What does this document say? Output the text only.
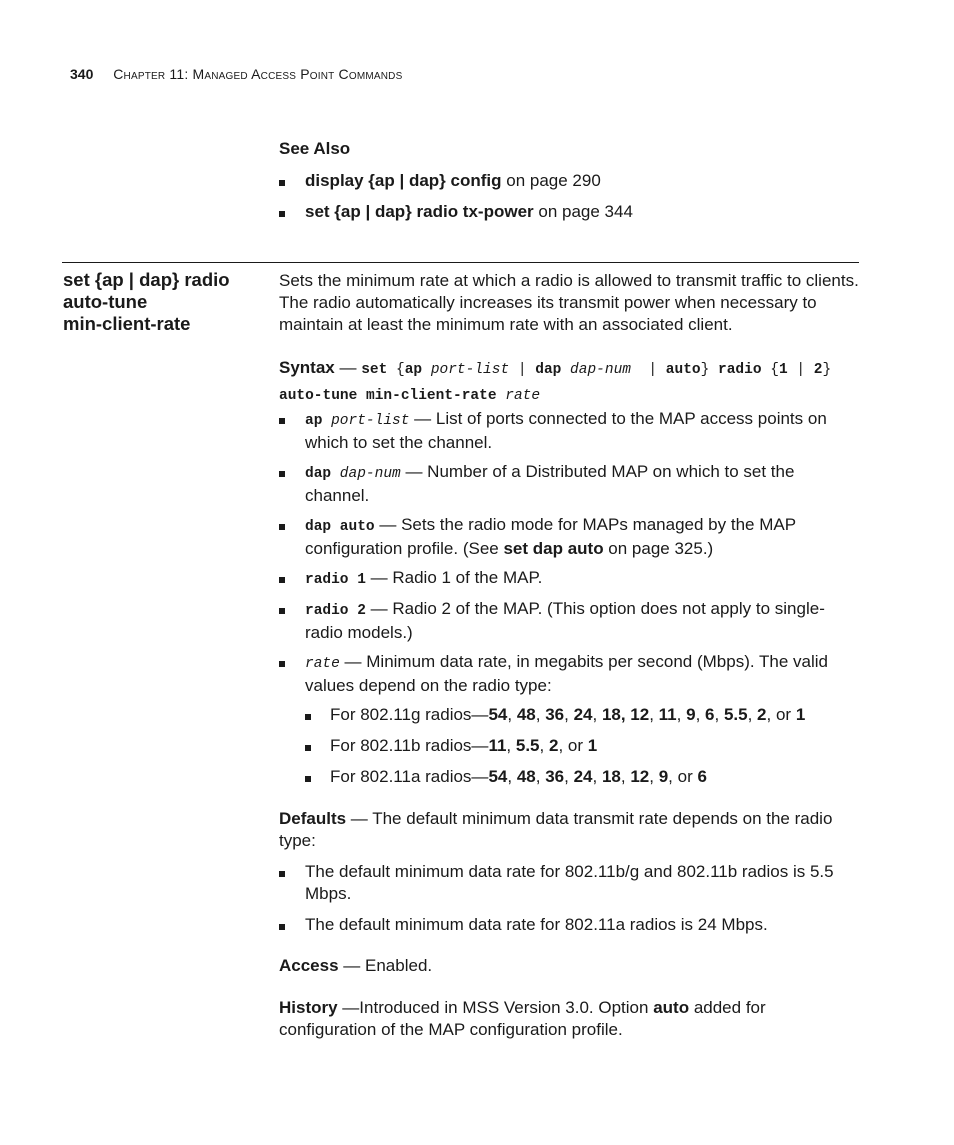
340 Chapter 11: Managed Access Point Commands
See Also
display {ap | dap} config on page 290
set {ap | dap} radio tx-power on page 344
set {ap | dap} radio
auto-tune
min-client-rate

Sets the minimum rate at which a radio is allowed to transmit traffic to clients. The radio automatically increases its transmit power when necessary to maintain at least the minimum rate with an associated client.

Syntax — set {ap port-list | dap dap-num  | auto} radio {1 | 2}
auto-tune min-client-rate rate
ap port-list — List of ports connected to the MAP access points on which to set the channel.
dap dap-num — Number of a Distributed MAP on which to set the channel.
dap auto — Sets the radio mode for MAPs managed by the MAP configuration profile. (See set dap auto on page 325.)
radio 1 — Radio 1 of the MAP.
radio 2 — Radio 2 of the MAP. (This option does not apply to single-radio models.)
rate — Minimum data rate, in megabits per second (Mbps). The valid values depend on the radio type:
For 802.11g radios—54, 48, 36, 24, 18, 12, 11, 9, 6, 5.5, 2, or 1
For 802.11b radios—11, 5.5, 2, or 1
For 802.11a radios—54, 48, 36, 24, 18, 12, 9, or 6

Defaults — The default minimum data transmit rate depends on the radio type:

The default minimum data rate for 802.11b/g and 802.11b radios is 5.5 Mbps.
The default minimum data rate for 802.11a radios is 24 Mbps.

Access — Enabled.

History —Introduced in MSS Version 3.0. Option auto added for configuration of the MAP configuration profile.
